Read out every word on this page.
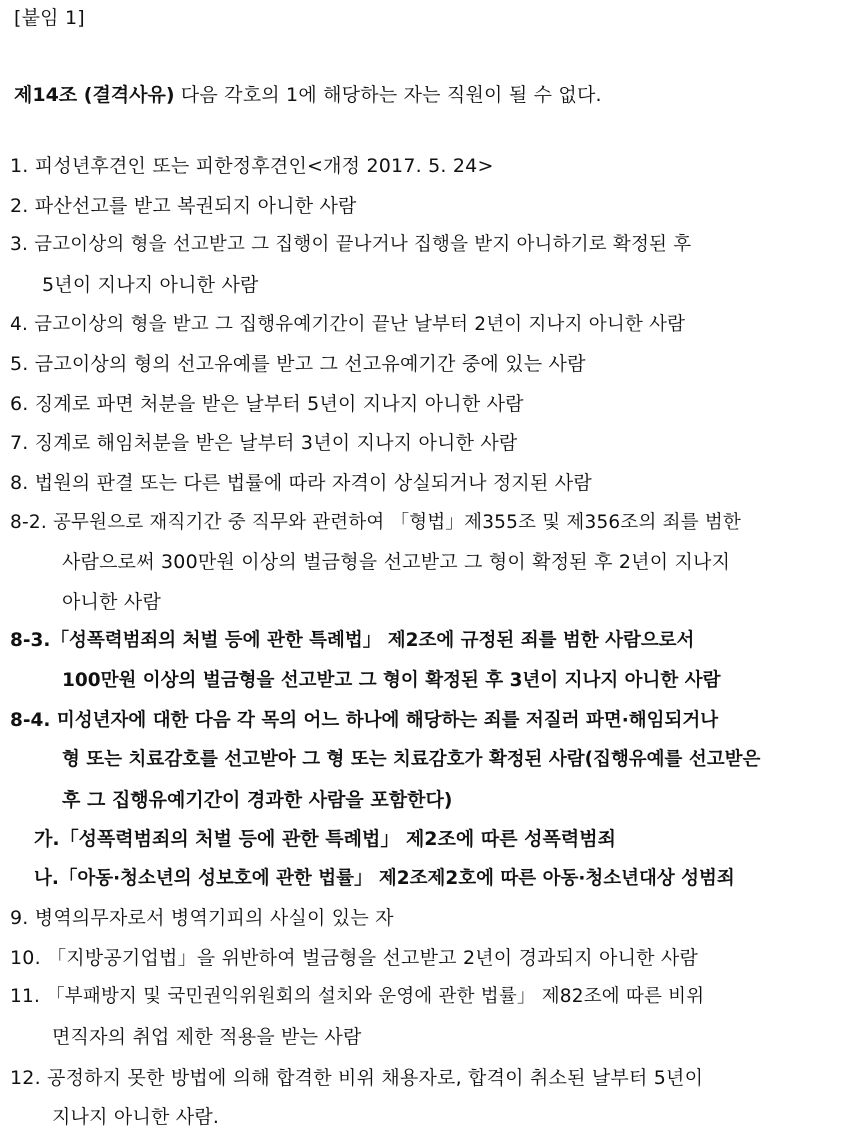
[붙임 1]
제14조 (결격사유) 다음 각호의 1에 해당하는 자는 직원이 될 수 없다.
1. 피성년후견인 또는 피한정후견인<개정 2017. 5. 24>
2. 파산선고를 받고 복권되지 아니한 사람
3. 금고이상의 형을 선고받고 그 집행이 끝나거나 집행을 받지 아니하기로 확정된 후
5년이 지나지 아니한 사람
4. 금고이상의 형을 받고 그 집행유예기간이 끝난 날부터 2년이 지나지 아니한 사람
5. 금고이상의 형의 선고유예를 받고 그 선고유예기간 중에 있는 사람
6. 징계로 파면 처분을 받은 날부터 5년이 지나지 아니한 사람
7. 징계로 해임처분을 받은 날부터 3년이 지나지 아니한 사람
8. 법원의 판결 또는 다른 법률에 따라 자격이 상실되거나 정지된 사람
8-2. 공무원으로 재직기간 중 직무와 관련하여 「형법」제355조 및 제356조의 죄를 범한
사람으로써 300만원 이상의 벌금형을 선고받고 그 형이 확정된 후 2년이 지나지
아니한 사람
8-3.「성폭력범죄의 처벌 등에 관한 특례법」 제2조에 규정된 죄를 범한 사람으로서
100만원 이상의 벌금형을 선고받고 그 형이 확정된 후 3년이 지나지 아니한 사람
8-4. 미성년자에 대한 다음 각 목의 어느 하나에 해당하는 죄를 저질러 파면·해임되거나
형 또는 치료감호를 선고받아 그 형 또는 치료감호가 확정된 사람(집행유예를 선고받은
후 그 집행유예기간이 경과한 사람을 포함한다)
가.「성폭력범죄의 처벌 등에 관한 특례법」 제2조에 따른 성폭력범죄
나.「아동·청소년의 성보호에 관한 법률」 제2조제2호에 따른 아동·청소년대상 성범죄
9. 병역의무자로서 병역기피의 사실이 있는 자
10. 「지방공기업법」을 위반하여 벌금형을 선고받고 2년이 경과되지 아니한 사람
11. 「부패방지 및 국민권익위원회의 설치와 운영에 관한 법률」 제82조에 따른 비위
면직자의 취업 제한 적용을 받는 사람
12. 공정하지 못한 방법에 의해 합격한 비위 채용자로, 합격이 취소된 날부터 5년이
지나지 아니한 사람.
